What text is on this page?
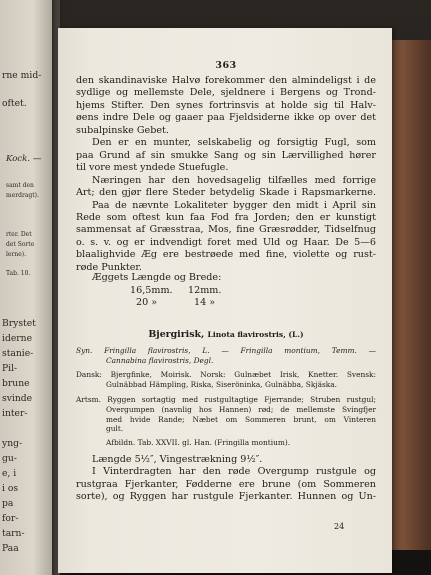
rne mid-
oftet.
Kock. —
samt den
merdragt).
rter. Det
det Sorte
lerne).
Tab. 10.
Brystet
iderne
stanie-
Pil-
brune
svinde
inter-
yng-
gu-
e, i
i os
pa
for-
tarn-
Paa
363
den skandinaviske Halvø forekommer den almindeligst i de
sydlige og mellemste Dele, sjeldnere i Bergens og Trond-
hjems Stifter. Den synes fortrinsvis at holde sig til Halv-
øens indre Dele og gaaer paa Fjeldsiderne ikke op over det
subalpinske Gebet.
Den er en munter, selskabelig og forsigtig Fugl, som
paa Grund af sin smukke Sang og sin Lærvillighed hører
til vore mest yndede Stuefugle.
Næringen har den hovedsagelig tilfælles med forrige
Art; den gjør flere Steder betydelig Skade i Rapsmarkerne.
Paa de nævnte Lokaliteter bygger den midt i April sin
Rede som oftest kun faa Fod fra Jorden; den er kunstigt
sammensat af Græsstraa, Mos, fine Græsrødder, Tidselfnug
o. s. v. og er indvendigt foret med Uld og Haar. De 5—6
blaalighvide Æg ere bestrøede med fine, violette og rust-
røde Punkter.
Æggets Længde og Brede:
16,5mm. 12mm.
20 »	14 »
Bjergirisk, Linota flavirostris, (L.)
Syn. Fringilla flavirostris, L. — Fringilla montium, Temm. —
Cannabina flavirostris, Degl.
Dansk: Bjergfinke, Moirisk. Norsk: Gulnæbet Irisk, Knetter. Svensk:
Gulnäbbad Hämpling, Riska, Siseröninka, Gulnäbba, Skjäska.
Artsm. Ryggen sortagtig med rustgultagtige Fjerrande; Struben rustgul;
Overgumpen (navnlig hos Hannen) rød; de mellemste Svingfjer
med hvide Rande; Næbet om Sommeren brunt, om Vinteren
gult.
Afbildn. Tab. XXVII. gl. Han. (Fringilla montium).
Længde 5½″, Vingestrækning 9½″.
I Vinterdragten har den røde Overgump rustgule og
rustgraa Fjerkanter, Fødderne ere brune (om Sommeren
sorte), og Ryggen har rustgule Fjerkanter. Hunnen og Un-
24
